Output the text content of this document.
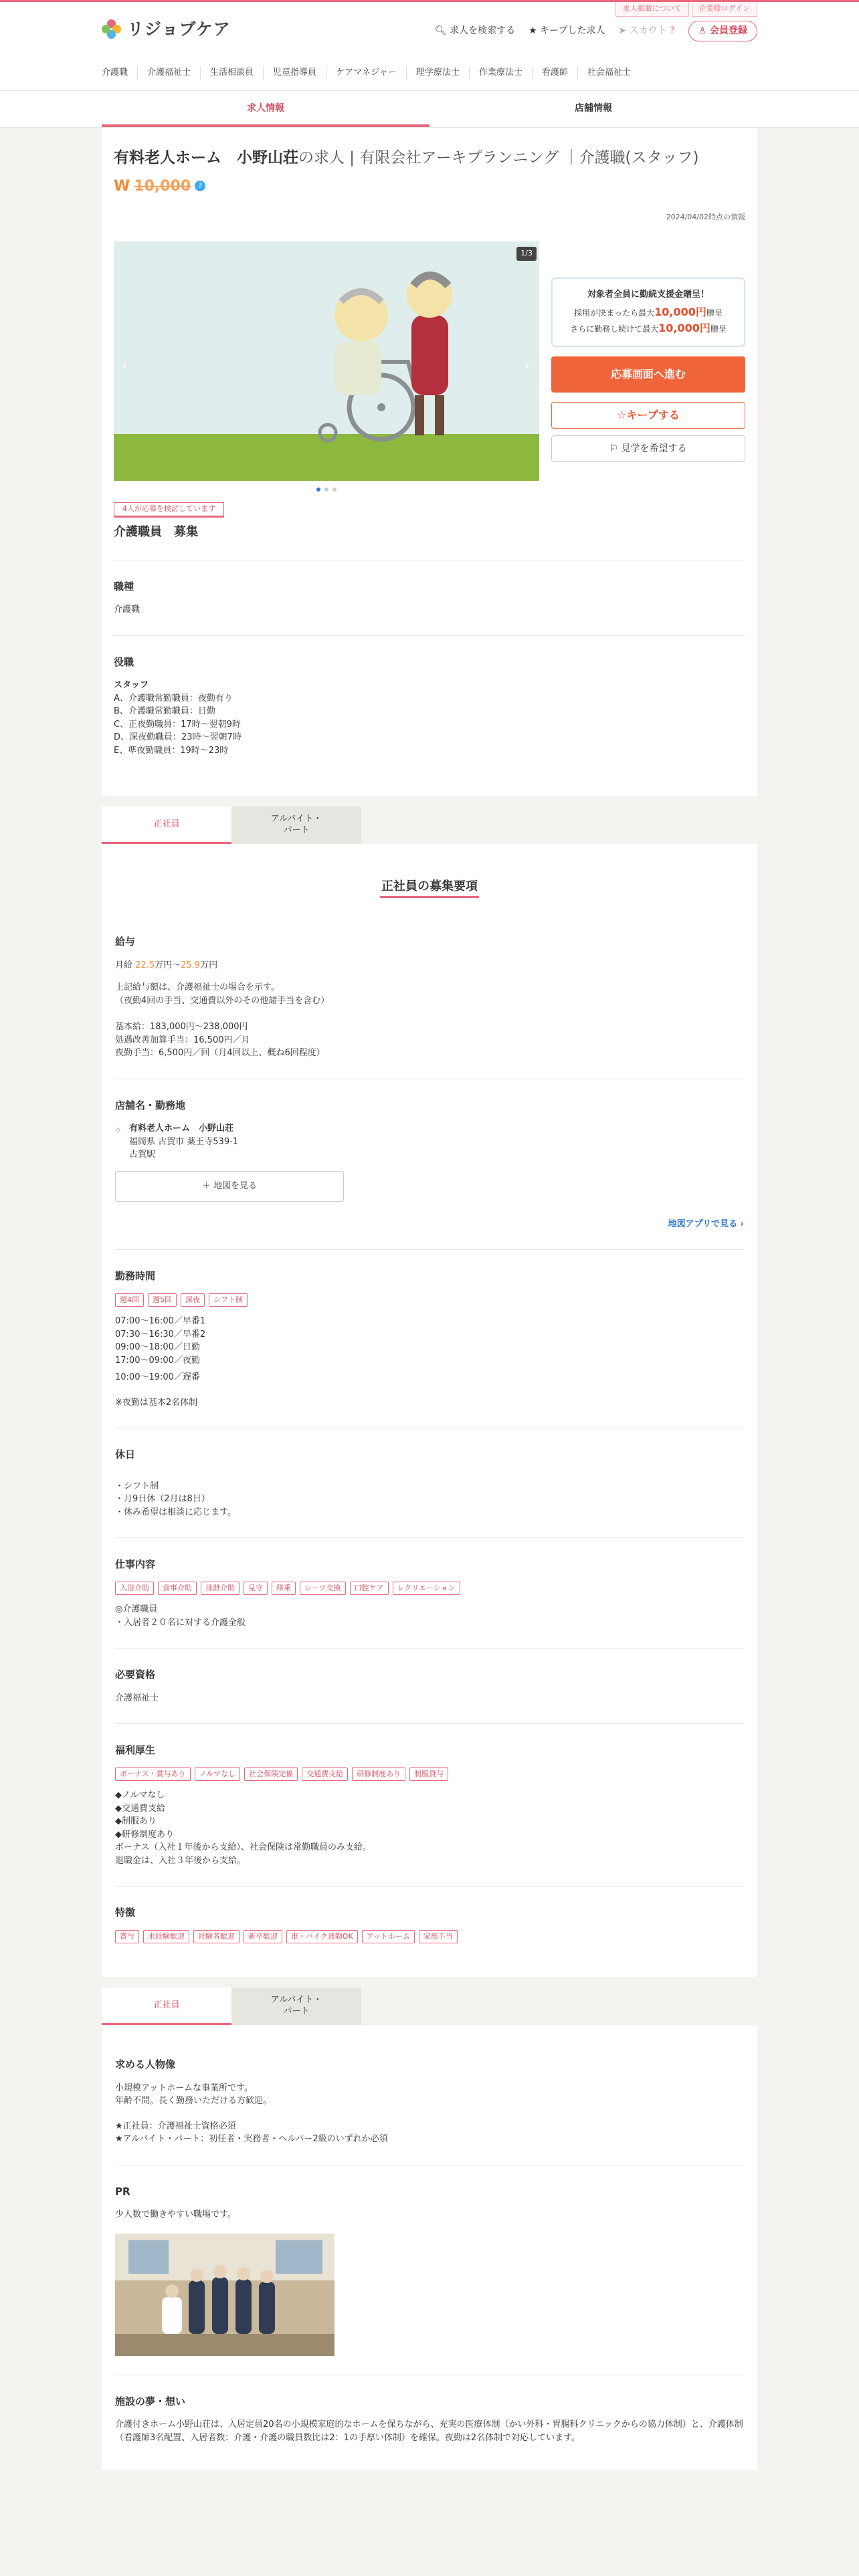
求人掲載について	企業様ログイン
リジョブケア	🔍︎ 求人を検索する ★ キープした求人 ➤ スカウト ?	♙ 会員登録
介護職	介護福祉士	生活相談員	児童指導員	ケアマネジャー	理学療法士	作業療法士	看護師	社会福祉士
求人情報	店舗情報
有料老人ホーム　小野山荘の求人 | 有限会社アーキプランニング ｜介護職(スタッフ)
W 10,000	?
2024/04/02時点の情報
1/3
‹	›
対象者全員に勤続支援金贈呈！
採用が決まったら最大10,000円贈呈
さらに勤務し続けて最大10,000円贈呈
応募画面へ進む
☆キープする
⚐ 見学を希望する
4人が応募を検討しています
介護職員　募集
職種

介護職

役職

スタッフ

A、介護職常勤職員：夜勤有り

B、介護職常勤職員：日勤

C、正夜勤職員：17時〜翌朝9時

D、深夜勤職員：23時〜翌朝7時

E、準夜勤職員：19時〜23時

正社員
アルバイト・
パート
正社員の募集要項
給与

月給 22.5万円〜25.9万円

上記給与額は、介護福祉士の場合を示す。

（夜勤4回の手当、交通費以外のその他諸手当を含む）

基本給：183,000円〜238,000円

処遇改善加算手当：16,500円／月

夜勤手当：6,500円／回（月4回以上、概ね6回程度）

店舗名・勤務地
⌖ 有料老人ホーム　小野山荘

福岡県 古賀市 薬王寺539-1

古賀駅

＋ 地図を見る
地図アプリで見る ›
勤務時間
週4回	週5回	深夜	シフト制

07:00〜16:00／早番1

07:30〜16:30／早番2

09:00〜18:00／日勤

17:00〜09:00／夜勤

10:00〜19:00／遅番

※夜勤は基本2名体制

休日

・シフト制

・月9日休（2月は8日）

・休み希望は相談に応じます。

仕事内容
入浴介助	食事介助	排泄介助	見守	移乗	シーツ交換	口腔ケア	レクリエーション

◎介護職員

・入居者２０名に対する介護全般

必要資格

介護福祉士

福利厚生
ボーナス・賞与あり	ノルマなし	社会保険完備	交通費支給	研修制度あり	制服貸与

◆ノルマなし

◆交通費支給

◆制服あり

◆研修制度あり

ボーナス（入社１年後から支給）、社会保険は常勤職員のみ支給。

退職金は、入社３年後から支給。

特徴
賞与	未経験歓迎	経験者歓迎	新卒歓迎	車・バイク通勤OK	アットホーム	家族手当
正社員
アルバイト・
パート
求める人物像

小規模アットホームな事業所です。

年齢不問。長く勤務いただける方歓迎。

★正社員：介護福祉士資格必須

★アルバイト・パート：初任者・実務者・ヘルパー2級のいずれか必須

PR

少人数で働きやすい職場です。

施設の夢・想い

介護付きホーム小野山荘は、入居定員20名の小規模家庭的なホームを保ちながら、充実の医療体制（かい外科・胃腸科クリニックからの協力体制）と、介護体制（看護師3名配置、入居者数：介護・介護の職員数比は2：1の手厚い体制）を確保。夜勤は2名体制で対応しています。
